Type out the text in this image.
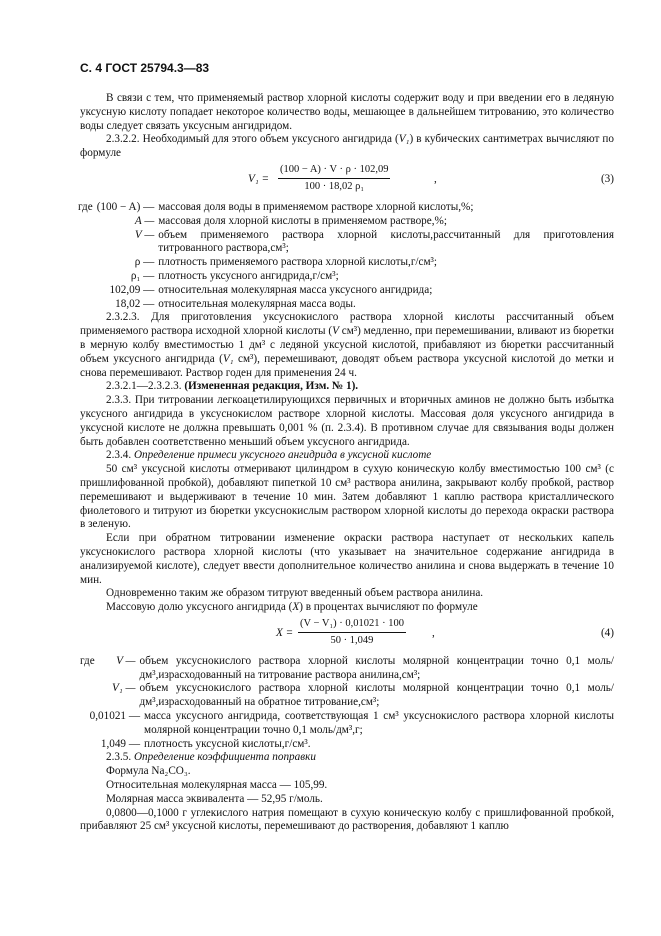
С. 4 ГОСТ 25794.3—83

В связи с тем, что применяемый раствор хлорной кислоты содержит воду и при введении его в ледяную уксусную кислоту попадает некоторое количество воды, мешающее в дальнейшем титрованию, это количество воды следует связать уксусным ангидридом.

2.3.2.2. Необходимый для этого объем уксусного ангидрида (V₁) в кубических сантиметрах вычисляют по формуле

$V_1 = \frac{(100 - A) \cdot V \cdot \rho \cdot 102,09}{\text{100 · 18,02 ρ₁}}$	,	(3)
где (100 − A) — массовая доля воды в применяемом растворе хлорной кислоты,%;
A — массовая доля хлорной кислоты в применяемом растворе,%;
V — объем применяемого раствора хлорной кислоты,рассчитанный для приготовления титрованного раствора,см³;
ρ — плотность применяемого раствора хлорной кислоты,г/см³;
ρ₁ — плотность уксусного ангидрида,г/см³;
102,09 — относительная молекулярная масса уксусного ангидрида;
18,02 — относительная молекулярная масса воды.

2.3.2.3. Для приготовления уксуснокислого раствора хлорной кислоты рассчитанный объем применяемого раствора исходной хлорной кислоты (V см³) медленно, при перемешивании, вливают из бюретки в мерную колбу вместимостью 1 дм³ с ледяной уксусной кислотой, прибавляют из бюретки рассчитанный объем уксусного ангидрида (V₁ см³), перемешивают, доводят объем раствора уксусной кислотой до метки и снова перемешивают. Раствор годен для применения 24 ч.

2.3.2.1—2.3.2.3. (Измененная редакция, Изм. № 1).

2.3.3. При титровании легкоацетилирующихся первичных и вторичных аминов не должно быть избытка уксусного ангидрида в уксуснокислом растворе хлорной кислоты. Массовая доля уксусного ангидрида в уксусной кислоте не должна превышать 0,001 % (п. 2.3.4). В противном случае для связывания воды должен быть добавлен соответственно меньший объем уксусного ангидрида.

2.3.4. Определение примеси уксусного ангидрида в уксусной кислоте

50 см³ уксусной кислоты отмеривают цилиндром в сухую коническую колбу вместимостью 100 см³ (с пришлифованной пробкой), добавляют пипеткой 10 см³ раствора анилина, закрывают колбу пробкой, раствор перемешивают и выдерживают в течение 10 мин. Затем добавляют 1 каплю раствора кристаллического фиолетового и титруют из бюретки уксуснокислым раствором хлорной кислоты до перехода окраски раствора в зеленую.

Если при обратном титровании изменение окраски раствора наступает от нескольких капель уксуснокислого раствора хлорной кислоты (что указывает на значительное содержание ангидрида в анализируемой кислоте), следует ввести дополнительное количество анилина и снова выдержать в течение 10 мин.

Одновременно таким же образом титруют введенный объем раствора анилина.

Массовую долю уксусного ангидрида (X) в процентах вычисляют по формуле

$X = \frac{\text{(V − V₁) · 0,01021 · 100}}{50 \cdot 1,049}$ ,	(4)
где	V — объем уксуснокислого раствора хлорной кислоты молярной концентрации точно 0,1 моль/дм³,израсходованный на титрование раствора анилина,см³;
V₁ — объем уксуснокислого раствора хлорной кислоты молярной концентрации точно 0,1 моль/дм³,израсходованный на обратное титрование,см³;
0,01021 — масса уксусного ангидрида, соответствующая 1 см³ уксуснокислого раствора хлорной кислоты молярной концентрации точно 0,1 моль/дм³,г;
1,049 — плотность уксусной кислоты,г/см³.

2.3.5. Определение коэффициента поправки

Формула Na₂CO₃.

Относительная молекулярная масса — 105,99.

Молярная масса эквивалента — 52,95 г/моль.

0,0800—0,1000 г углекислого натрия помещают в сухую коническую колбу с пришлифованной пробкой, прибавляют 25 см³ уксусной кислоты, перемешивают до растворения, добавляют 1 каплю
